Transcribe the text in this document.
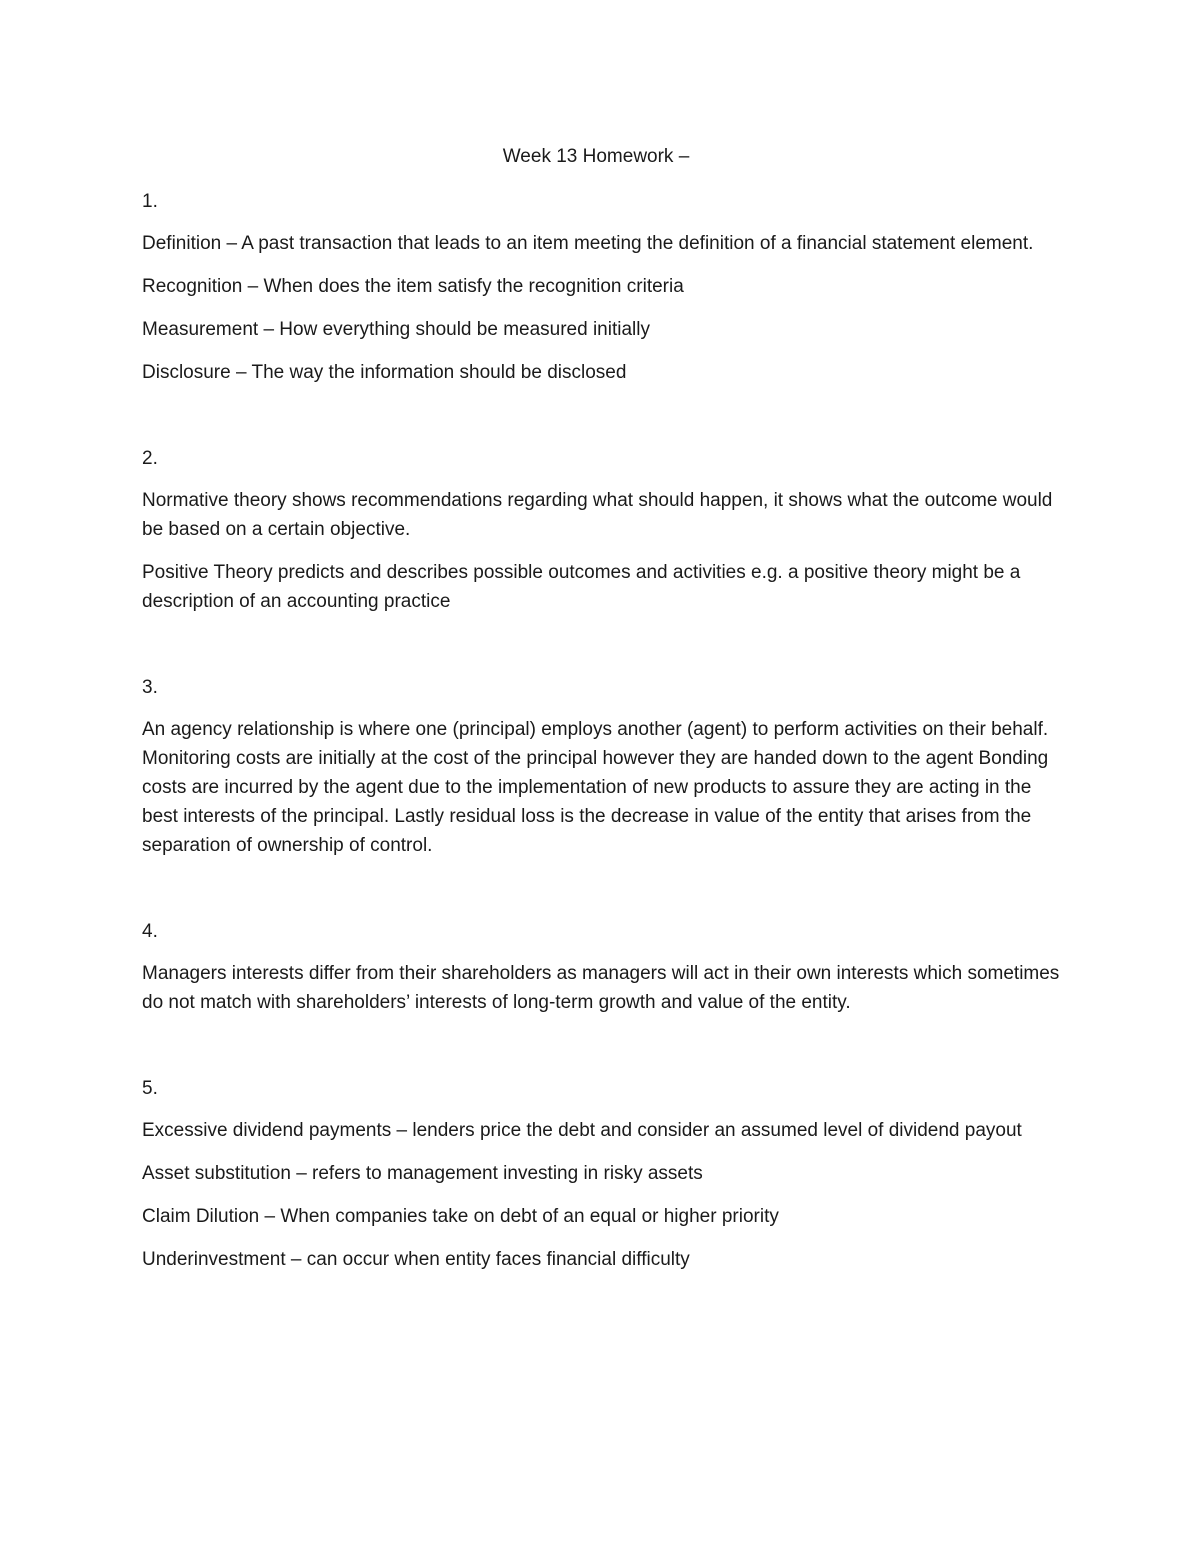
Week 13 Homework –
1.

Definition – A past transaction that leads to an item meeting the definition of a financial statement element.

Recognition – When does the item satisfy the recognition criteria

Measurement – How everything should be measured initially

Disclosure – The way the information should be disclosed

2.

Normative theory shows recommendations regarding what should happen, it shows what the outcome would be based on a certain objective.

Positive Theory predicts and describes possible outcomes and activities e.g. a positive theory might be a description of an accounting practice

3.

An agency relationship is where one (principal) employs another (agent) to perform activities on their behalf. Monitoring costs are initially at the cost of the principal however they are handed down to the agent Bonding costs are incurred by the agent due to the implementation of new products to assure they are acting in the best interests of the principal. Lastly residual loss is the decrease in value of the entity that arises from the separation of ownership of control.

4.

Managers interests differ from their shareholders as managers will act in their own interests which sometimes do not match with shareholders’ interests of long-term growth and value of the entity.

5.

Excessive dividend payments – lenders price the debt and consider an assumed level of dividend payout

Asset substitution – refers to management investing in risky assets

Claim Dilution – When companies take on debt of an equal or higher priority

Underinvestment – can occur when entity faces financial difficulty
